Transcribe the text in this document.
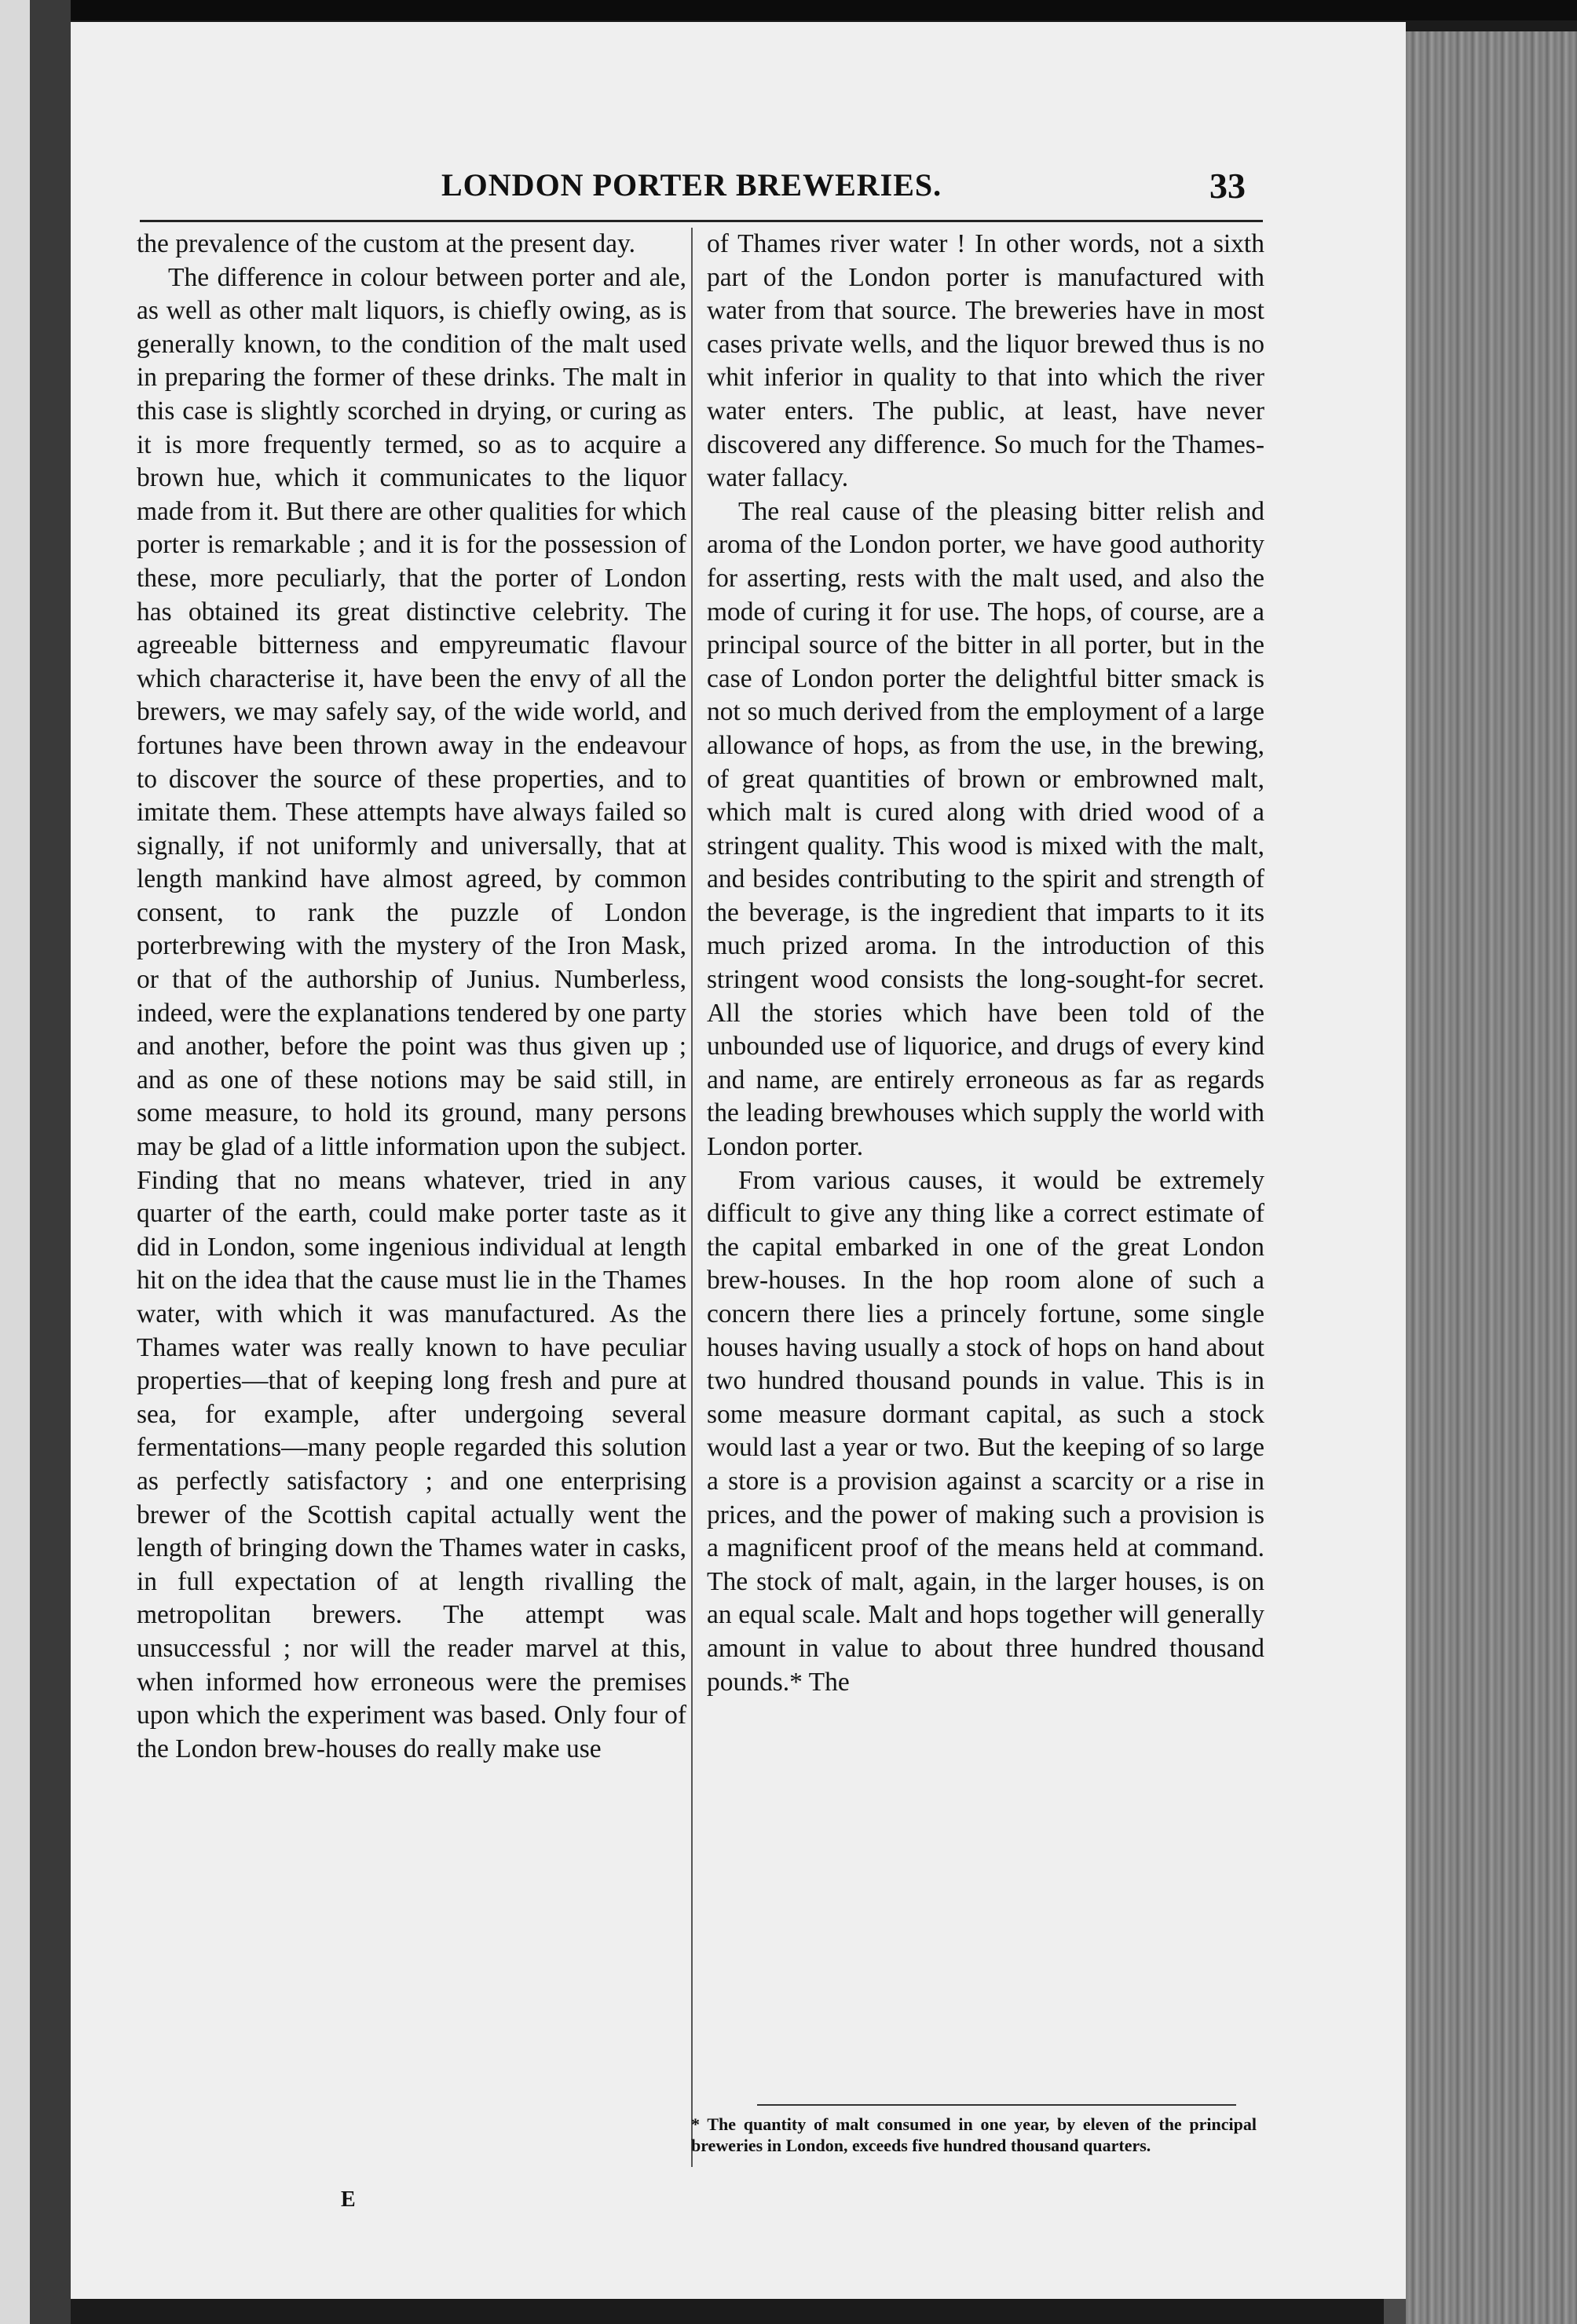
LONDON PORTER BREWERIES.	33

the prevalence of the custom at the present day.

The difference in colour between porter and ale, as well as other malt liquors, is chiefly owing, as is generally known, to the condition of the malt used in preparing the former of these drinks. The malt in this case is slightly scorched in drying, or curing as it is more frequently termed, so as to acquire a brown hue, which it communicates to the liquor made from it. But there are other qualities for which porter is remarkable ; and it is for the possession of these, more peculiarly, that the porter of London has obtained its great distinctive celebrity. The agreeable bitterness and empyreumatic flavour which characterise it, have been the envy of all the brewers, we may safely say, of the wide world, and fortunes have been thrown away in the endeavour to discover the source of these properties, and to imitate them. These attempts have always failed so signally, if not uniformly and universally, that at length mankind have almost agreed, by common consent, to rank the puzzle of London porterbrewing with the mystery of the Iron Mask, or that of the authorship of Junius. Numberless, indeed, were the explanations tendered by one party and another, before the point was thus given up ; and as one of these notions may be said still, in some measure, to hold its ground, many persons may be glad of a little information upon the subject. Finding that no means whatever, tried in any quarter of the earth, could make porter taste as it did in London, some ingenious individual at length hit on the idea that the cause must lie in the Thames water, with which it was manufactured. As the Thames water was really known to have peculiar properties—that of keeping long fresh and pure at sea, for example, after undergoing several fermentations—many people regarded this solution as perfectly satisfactory ; and one enterprising brewer of the Scottish capital actually went the length of bringing down the Thames water in casks, in full expectation of at length rivalling the metropolitan brewers. The attempt was unsuccessful ; nor will the reader marvel at this, when informed how erroneous were the premises upon which the experiment was based. Only four of the London brew-houses do really make use

of Thames river water ! In other words, not a sixth part of the London porter is manufactured with water from that source. The breweries have in most cases private wells, and the liquor brewed thus is no whit inferior in quality to that into which the river water enters. The public, at least, have never discovered any difference. So much for the Thames-water fallacy.

The real cause of the pleasing bitter relish and aroma of the London porter, we have good authority for asserting, rests with the malt used, and also the mode of curing it for use. The hops, of course, are a principal source of the bitter in all porter, but in the case of London porter the delightful bitter smack is not so much derived from the employment of a large allowance of hops, as from the use, in the brewing, of great quantities of brown or embrowned malt, which malt is cured along with dried wood of a stringent quality. This wood is mixed with the malt, and besides contributing to the spirit and strength of the beverage, is the ingredient that imparts to it its much prized aroma. In the introduction of this stringent wood consists the long-sought-for secret. All the stories which have been told of the unbounded use of liquorice, and drugs of every kind and name, are entirely erroneous as far as regards the leading brewhouses which supply the world with London porter.

From various causes, it would be extremely difficult to give any thing like a correct estimate of the capital embarked in one of the great London brew-houses. In the hop room alone of such a concern there lies a princely fortune, some single houses having usually a stock of hops on hand about two hundred thousand pounds in value. This is in some measure dormant capital, as such a stock would last a year or two. But the keeping of so large a store is a provision against a scarcity or a rise in prices, and the power of making such a provision is a magnificent proof of the means held at command. The stock of malt, again, in the larger houses, is on an equal scale. Malt and hops together will generally amount in value to about three hundred thousand pounds.* The

* The quantity of malt consumed in one year, by eleven of the principal breweries in London, exceeds five hundred thousand quarters.
E
